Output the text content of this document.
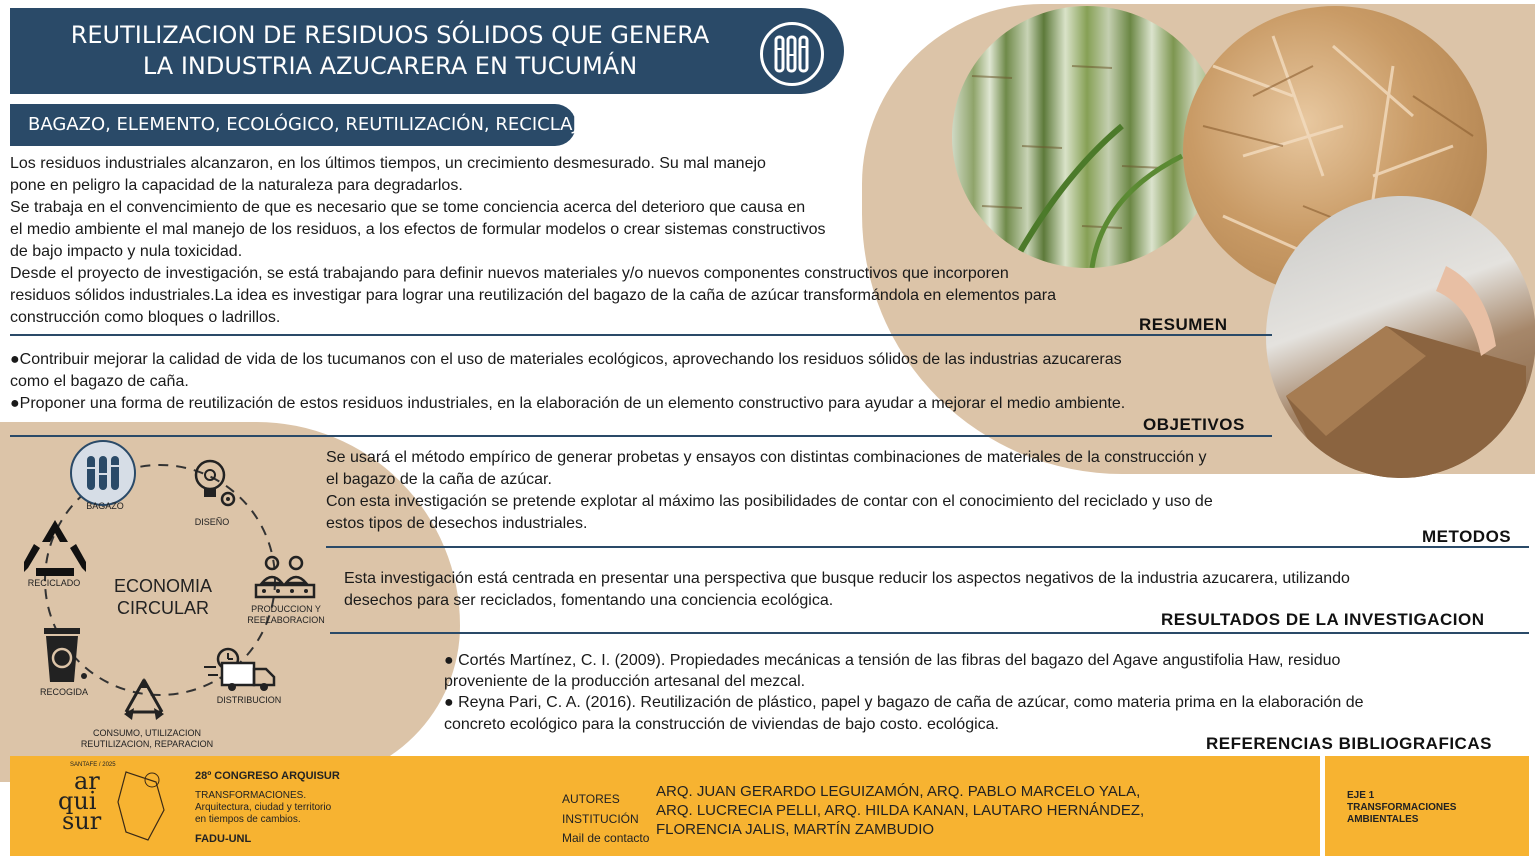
REUTILIZACION DE RESIDUOS SÓLIDOS QUE GENERA
LA INDUSTRIA AZUCARERA EN TUCUMÁN
BAGAZO, ELEMENTO, ECOLÓGICO, REUTILIZACIÓN, RECICLAJE.
Los residuos industriales alcanzaron, en los últimos tiempos, un crecimiento desmesurado. Su mal manejo
pone en peligro la capacidad de la naturaleza para degradarlos.
Se trabaja en el convencimiento de que es necesario que se tome conciencia acerca del deterioro que causa en
el medio ambiente el mal manejo de los residuos, a los efectos de formular modelos o crear sistemas constructivos
de bajo impacto y nula toxicidad.
Desde el proyecto de investigación, se está trabajando para definir nuevos materiales y/o nuevos componentes constructivos que incorporen
residuos sólidos industriales.La idea es investigar para lograr una reutilización del bagazo de la caña de azúcar transformándola en elementos para
construcción como bloques o ladrillos.	RESUMEN
●Contribuir mejorar la calidad de vida de los tucumanos con el uso de materiales ecológicos, aprovechando los residuos sólidos de las industrias azucareras
como el bagazo de caña.
●Proponer una forma de reutilización de estos residuos industriales, en la elaboración de un elemento constructivo para ayudar a mejorar el medio ambiente.
OBJETIVOS
Se usará el método empírico de generar probetas y ensayos con distintas combinaciones de materiales de la construcción y
el bagazo de la caña de azúcar.
Con esta investigación se pretende explotar al máximo las posibilidades de contar con el conocimiento del reciclado y uso de
estos tipos de desechos industriales.
METODOS
Esta investigación está centrada en presentar una perspectiva que busque reducir los aspectos negativos de la industria azucarera, utilizando
desechos para ser reciclados, fomentando una conciencia ecológica.
RESULTADOS DE LA INVESTIGACION
● Cortés Martínez, C. I. (2009). Propiedades mecánicas a tensión de las fibras del bagazo del Agave angustifolia Haw, residuo
proveniente de la producción artesanal del mezcal.
● Reyna Pari, C. A. (2016). Reutilización de plástico, papel y bagazo de caña de azúcar, como materia prima en la elaboración de
concreto ecológico para la construcción de viviendas de bajo costo. ecológica.
REFERENCIAS BIBLIOGRAFICAS
ECONOMIA
CIRCULAR
BAGAZO
DISEÑO
PRODUCCION Y
REELABORACION
DISTRIBUCION
CONSUMO, UTILIZACION
REUTILIZACION, REPARACION
RECOGIDA
RECICLADO
SANTAFE / 2025
ar
qui
sur
28º CONGRESO ARQUISUR
TRANSFORMACIONES.
Arquitectura, ciudad y territorio
en tiempos de cambios.
FADU-UNL
AUTORES
INSTITUCIÓN
Mail de contacto
ARQ. JUAN GERARDO LEGUIZAMÓN, ARQ. PABLO MARCELO YALA,
ARQ. LUCRECIA PELLI, ARQ. HILDA KANAN, LAUTARO HERNÁNDEZ,
FLORENCIA JALIS, MARTÍN ZAMBUDIO
EJE 1
TRANSFORMACIONES
AMBIENTALES
